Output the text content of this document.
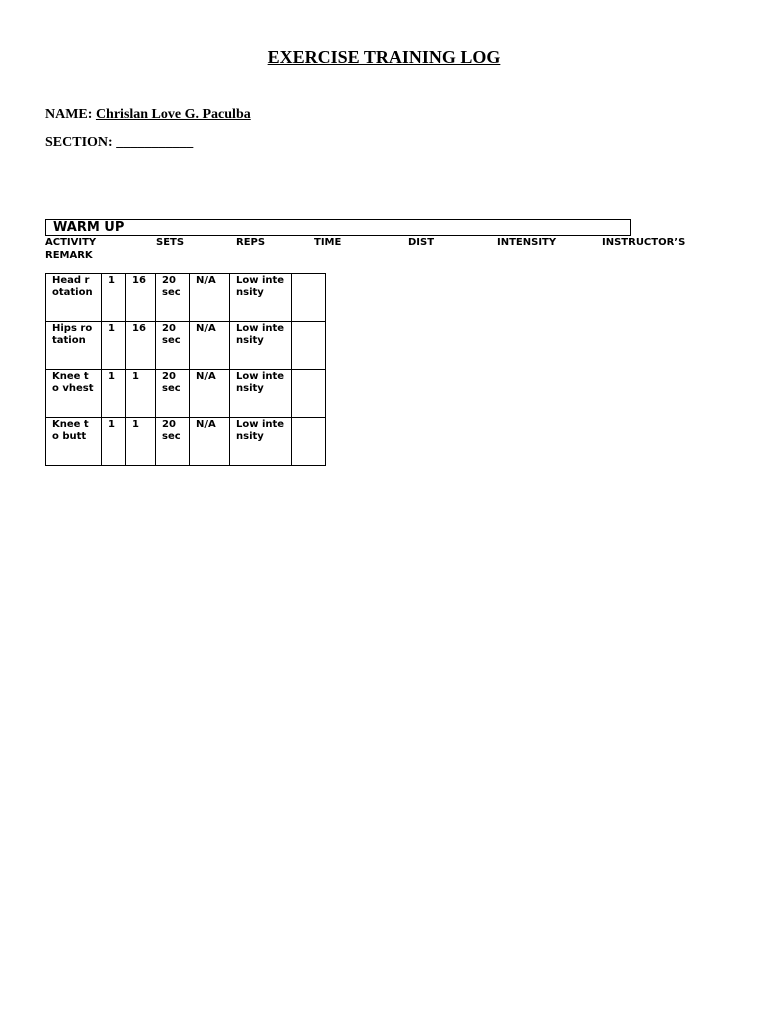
EXERCISE TRAINING LOG
NAME: Chrislan Love G. Paculba
SECTION: ___________
WARM UP
ACTIVITY	SETS	REPS	TIME	DIST	INTENSITY	INSTRUCTOR’S
REMARK
Head rotation	1	16	20 sec	N/A	Low intensity	
Hips rotation	1	16	20 sec	N/A	Low intensity	
Knee to vhest	1	1	20 sec	N/A	Low intensity	
Knee to butt	1	1	20 sec	N/A	Low intensity	
